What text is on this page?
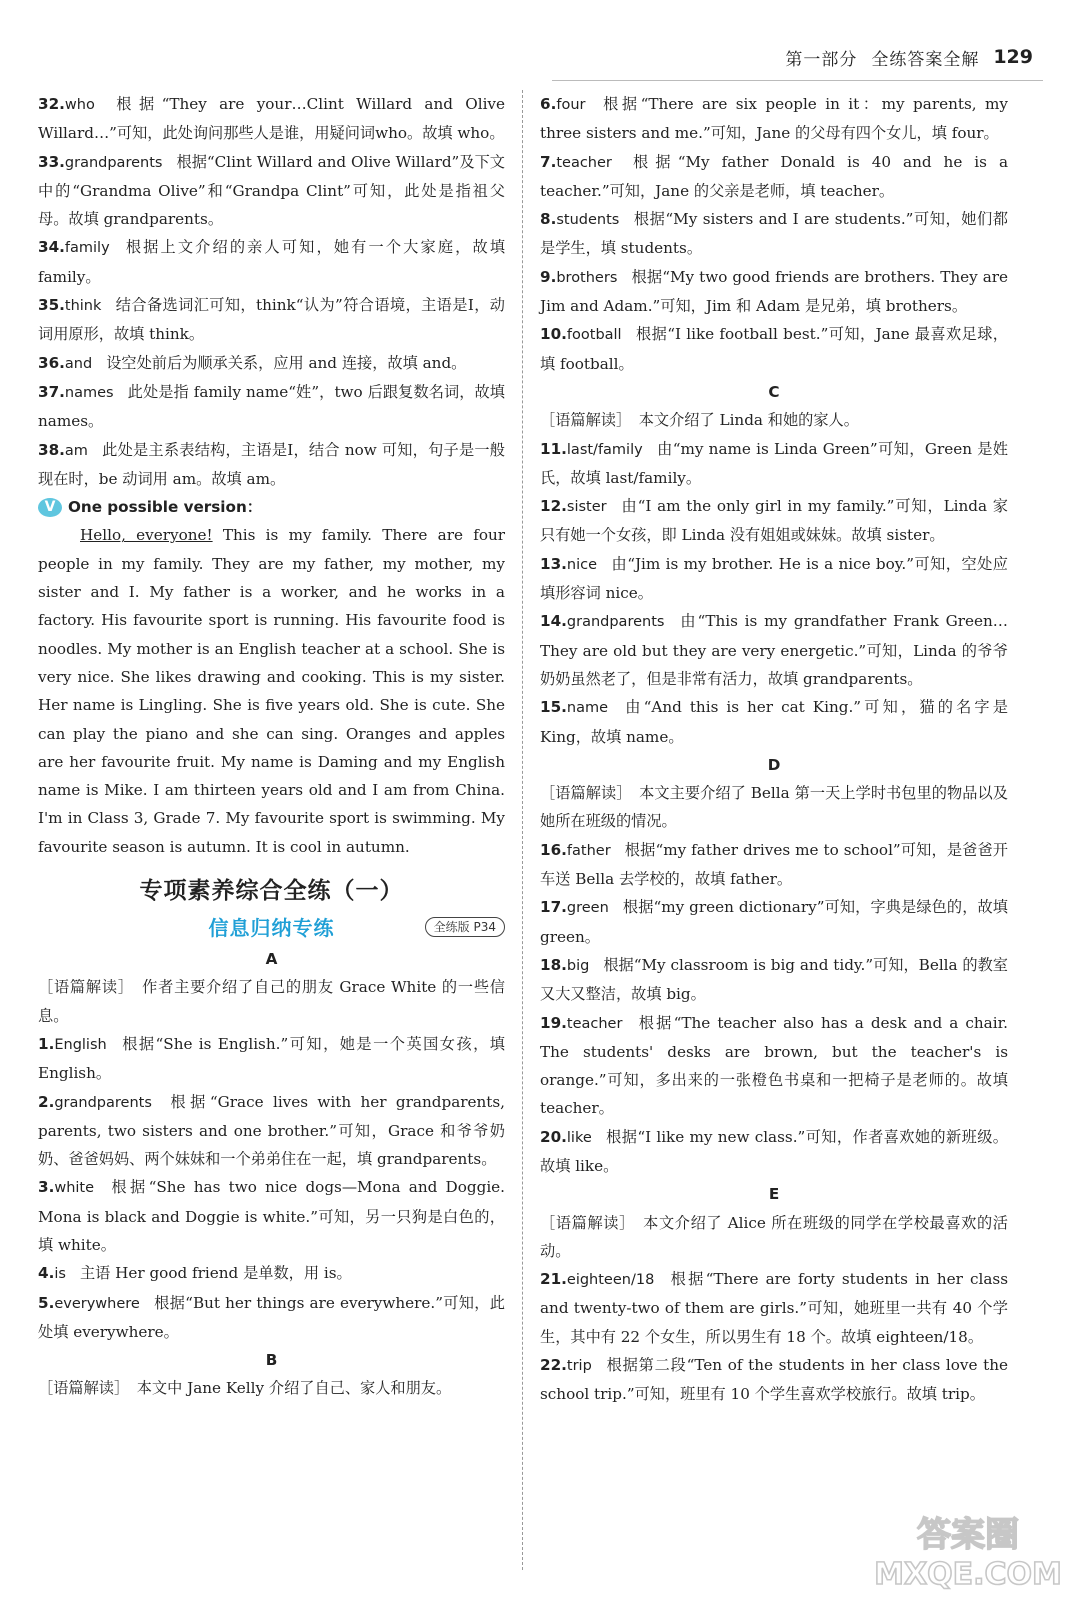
第一部分 全练答案全解 129

32.who 根据“They are your…Clint Willard and Olive Willard…”可知，此处询问那些人是谁，用疑问词who。故填 who。

33.grandparents 根据“Clint Willard and Olive Willard”及下文中的“Grandma Olive”和“Grandpa Clint”可知，此处是指祖父母。故填 grandparents。

34.family 根据上文介绍的亲人可知，她有一个大家庭，故填 family。

35.think 结合备选词汇可知，think“认为”符合语境，主语是I，动词用原形，故填 think。

36.and 设空处前后为顺承关系，应用 and 连接，故填 and。

37.names 此处是指 family name“姓”，two 后跟复数名词，故填 names。

38.am 此处是主系表结构，主语是I，结合 now 可知，句子是一般现在时，be 动词用 am。故填 am。

V One possible version：

Hello, everyone! This is my family. There are four people in my family. They are my father, my mother, my sister and I. My father is a worker, and he works in a factory. His favourite sport is running. His favourite food is noodles. My mother is an English teacher at a school. She is very nice. She likes drawing and cooking. This is my sister. Her name is Lingling. She is five years old. She is cute. She can play the piano and she can sing. Oranges and apples are her favourite fruit. My name is Daming and my English name is Mike. I am thirteen years old and I am from China. I'm in Class 3, Grade 7. My favourite sport is swimming. My favourite season is autumn. It is cool in autumn.

专项素养综合全练（一）
信息归纳专练	全练版 P34

A

［语篇解读］　作者主要介绍了自己的朋友 Grace White 的一些信息。

1.English 根据“She is English.”可知，她是一个英国女孩，填 English。

2.grandparents 根据“Grace lives with her grandparents, parents, two sisters and one brother.”可知，Grace 和爷爷奶奶、爸爸妈妈、两个妹妹和一个弟弟住在一起，填 grandparents。

3.white 根据“She has two nice dogs—Mona and Doggie. Mona is black and Doggie is white.”可知，另一只狗是白色的，填 white。

4.is 主语 Her good friend 是单数，用 is。

5.everywhere 根据“But her things are everywhere.”可知，此处填 everywhere。

B

［语篇解读］　本文中 Jane Kelly 介绍了自己、家人和朋友。

6.four 根据“There are six people in it：my parents, my three sisters and me.”可知，Jane 的父母有四个女儿，填 four。

7.teacher 根据“My father Donald is 40 and he is a teacher.”可知，Jane 的父亲是老师，填 teacher。

8.students 根据“My sisters and I are students.”可知，她们都是学生，填 students。

9.brothers 根据“My two good friends are brothers. They are Jim and Adam.”可知，Jim 和 Adam 是兄弟，填 brothers。

10.football 根据“I like football best.”可知，Jane 最喜欢足球，填 football。

C

［语篇解读］　本文介绍了 Linda 和她的家人。

11.last/family 由“my name is Linda Green”可知，Green 是姓氏，故填 last/family。

12.sister 由“I am the only girl in my family.”可知，Linda 家只有她一个女孩，即 Linda 没有姐姐或妹妹。故填 sister。

13.nice 由“Jim is my brother. He is a nice boy.”可知，空处应填形容词 nice。

14.grandparents 由“This is my grandfather Frank Green…They are old but they are very energetic.”可知，Linda 的爷爷奶奶虽然老了，但是非常有活力，故填 grandparents。

15.name 由“And this is her cat King.”可知，猫的名字是 King，故填 name。

D

［语篇解读］　本文主要介绍了 Bella 第一天上学时书包里的物品以及她所在班级的情况。

16.father 根据“my father drives me to school”可知，是爸爸开车送 Bella 去学校的，故填 father。

17.green 根据“my green dictionary”可知，字典是绿色的，故填 green。

18.big 根据“My classroom is big and tidy.”可知，Bella 的教室又大又整洁，故填 big。

19.teacher 根据“The teacher also has a desk and a chair. The students' desks are brown, but the teacher's is orange.”可知，多出来的一张橙色书桌和一把椅子是老师的。故填 teacher。

20.like 根据“I like my new class.”可知，作者喜欢她的新班级。故填 like。

E

［语篇解读］　本文介绍了 Alice 所在班级的同学在学校最喜欢的活动。

21.eighteen/18 根据“There are forty students in her class and twenty-two of them are girls.”可知，她班里一共有 40 个学生，其中有 22 个女生，所以男生有 18 个。故填 eighteen/18。

22.trip 根据第二段“Ten of the students in her class love the school trip.”可知，班里有 10 个学生喜欢学校旅行。故填 trip。

答案圈
MXQE.COM
